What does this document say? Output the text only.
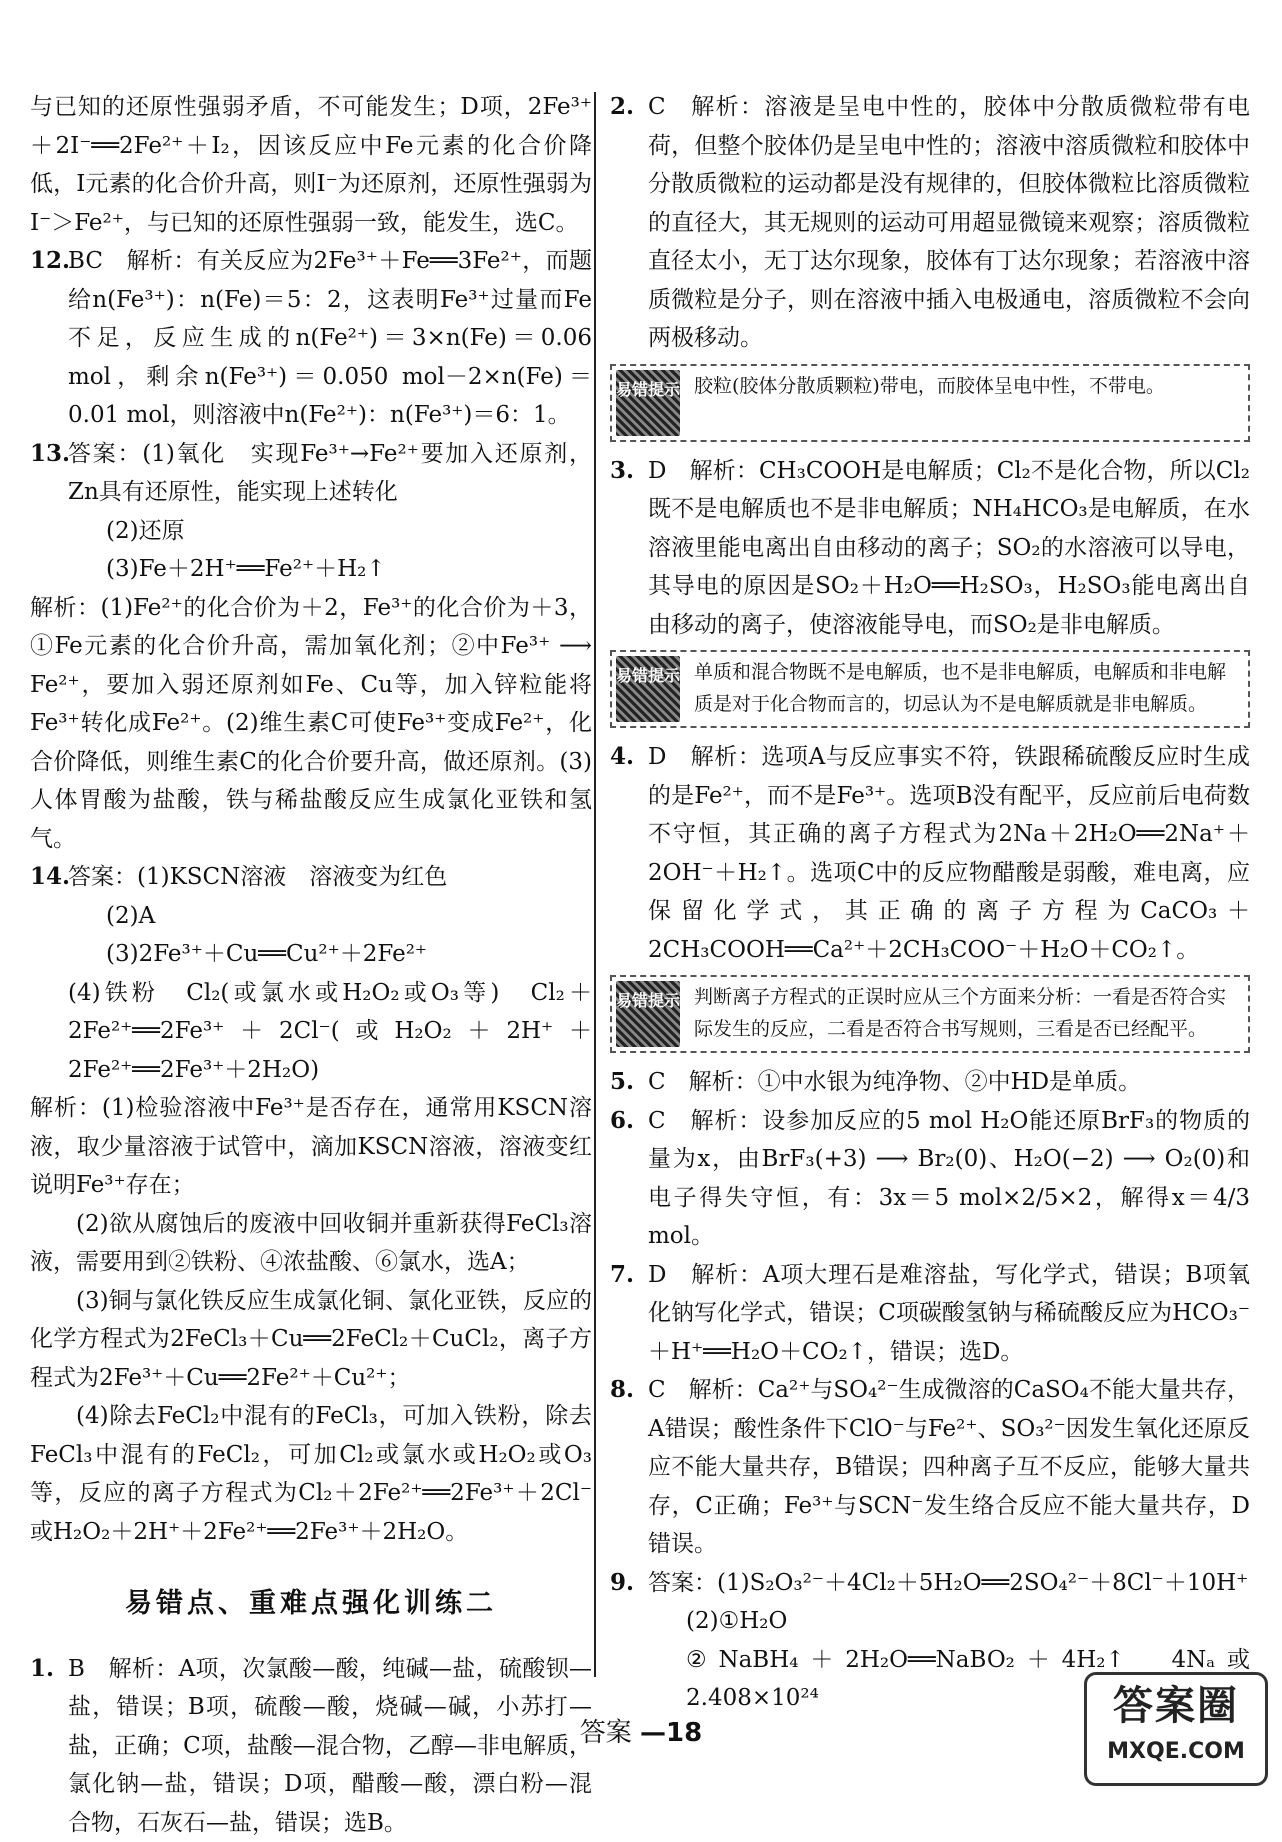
与已知的还原性强弱矛盾，不可能发生；D项，2Fe³⁺＋2I⁻══2Fe²⁺＋I₂，因该反应中Fe元素的化合价降低，I元素的化合价升高，则I⁻为还原剂，还原性强弱为I⁻＞Fe²⁺，与已知的还原性强弱一致，能发生，选C。

12.
BC　解析：有关反应为2Fe³⁺＋Fe══3Fe²⁺，而题给n(Fe³⁺)：n(Fe)＝5：2，这表明Fe³⁺过量而Fe不足，反应生成的n(Fe²⁺)＝3×n(Fe)＝0.06 mol，剩余n(Fe³⁺)＝0.050 mol－2×n(Fe)＝0.01 mol，则溶液中n(Fe²⁺)：n(Fe³⁺)＝6：1。

13.

答案：(1)氧化　实现Fe³⁺→Fe²⁺要加入还原剂，Zn具有还原性，能实现上述转化

(2)还原

(3)Fe＋2H⁺══Fe²⁺＋H₂↑

解析：(1)Fe²⁺的化合价为＋2，Fe³⁺的化合价为＋3，①Fe元素的化合价升高，需加氧化剂；②中Fe³⁺ ⟶ Fe²⁺，要加入弱还原剂如Fe、Cu等，加入锌粒能将Fe³⁺转化成Fe²⁺。(2)维生素C可使Fe³⁺变成Fe²⁺，化合价降低，则维生素C的化合价要升高，做还原剂。(3)人体胃酸为盐酸，铁与稀盐酸反应生成氯化亚铁和氢气。

14.

答案：(1)KSCN溶液　溶液变为红色

(2)A

(3)2Fe³⁺＋Cu══Cu²⁺＋2Fe²⁺

(4)铁粉　Cl₂(或氯水或H₂O₂或O₃等)　Cl₂＋2Fe²⁺══2Fe³⁺＋2Cl⁻(或H₂O₂＋2H⁺＋2Fe²⁺══2Fe³⁺＋2H₂O)

解析：(1)检验溶液中Fe³⁺是否存在，通常用KSCN溶液，取少量溶液于试管中，滴加KSCN溶液，溶液变红说明Fe³⁺存在；

(2)欲从腐蚀后的废液中回收铜并重新获得FeCl₃溶液，需要用到②铁粉、④浓盐酸、⑥氯水，选A；

(3)铜与氯化铁反应生成氯化铜、氯化亚铁，反应的化学方程式为2FeCl₃＋Cu══2FeCl₂＋CuCl₂，离子方程式为2Fe³⁺＋Cu══2Fe²⁺＋Cu²⁺；

(4)除去FeCl₂中混有的FeCl₃，可加入铁粉，除去FeCl₃中混有的FeCl₂，可加Cl₂或氯水或H₂O₂或O₃等，反应的离子方程式为Cl₂＋2Fe²⁺══2Fe³⁺＋2Cl⁻或H₂O₂＋2H⁺＋2Fe²⁺══2Fe³⁺＋2H₂O。

易错点、重难点强化训练二

1. B　解析：A项，次氯酸—酸，纯碱—盐，硫酸钡—盐，错误；B项，硫酸—酸，烧碱—碱，小苏打—盐，正确；C项，盐酸—混合物，乙醇—非电解质，氯化钠—盐，错误；D项，醋酸—酸，漂白粉—混合物，石灰石—盐，错误；选B。

2. C　解析：溶液是呈电中性的，胶体中分散质微粒带有电荷，但整个胶体仍是呈电中性的；溶液中溶质微粒和胶体中分散质微粒的运动都是没有规律的，但胶体微粒比溶质微粒的直径大，其无规则的运动可用超显微镜来观察；溶质微粒直径太小，无丁达尔现象，胶体有丁达尔现象；若溶液中溶质微粒是分子，则在溶液中插入电极通电，溶质微粒不会向两极移动。

易错提示 胶粒(胶体分散质颗粒)带电，而胶体呈电中性，不带电。

3. D　解析：CH₃COOH是电解质；Cl₂不是化合物，所以Cl₂既不是电解质也不是非电解质；NH₄HCO₃是电解质，在水溶液里能电离出自由移动的离子；SO₂的水溶液可以导电，其导电的原因是SO₂＋H₂O══H₂SO₃，H₂SO₃能电离出自由移动的离子，使溶液能导电，而SO₂是非电解质。

易错提示 单质和混合物既不是电解质，也不是非电解质，电解质和非电解质是对于化合物而言的，切忌认为不是电解质就是非电解质。

4. D　解析：选项A与反应事实不符，铁跟稀硫酸反应时生成的是Fe²⁺，而不是Fe³⁺。选项B没有配平，反应前后电荷数不守恒，其正确的离子方程式为2Na＋2H₂O══2Na⁺＋2OH⁻＋H₂↑。选项C中的反应物醋酸是弱酸，难电离，应保留化学式，其正确的离子方程为CaCO₃＋2CH₃COOH══Ca²⁺＋2CH₃COO⁻＋H₂O＋CO₂↑。

易错提示 判断离子方程式的正误时应从三个方面来分析：一看是否符合实际发生的反应，二看是否符合书写规则，三看是否已经配平。

5. C　解析：①中水银为纯净物、②中HD是单质。

6. C　解析：设参加反应的5 mol H₂O能还原BrF₃的物质的量为x，由BrF₃(+3) ⟶ Br₂(0)、H₂O(−2) ⟶ O₂(0)和电子得失守恒，有：3x＝5 mol×2/5×2，解得x＝4/3 mol。

7. D　解析：A项大理石是难溶盐，写化学式，错误；B项氧化钠写化学式，错误；C项碳酸氢钠与稀硫酸反应为HCO₃⁻＋H⁺══H₂O＋CO₂↑，错误；选D。

8. C　解析：Ca²⁺与SO₄²⁻生成微溶的CaSO₄不能大量共存，A错误；酸性条件下ClO⁻与Fe²⁺、SO₃²⁻因发生氧化还原反应不能大量共存，B错误；四种离子互不反应，能够大量共存，C正确；Fe³⁺与SCN⁻发生络合反应不能大量共存，D错误。

9. 答案：(1)S₂O₃²⁻＋4Cl₂＋5H₂O══2SO₄²⁻＋8Cl⁻＋10H⁺

(2)①H₂O

②NaBH₄＋2H₂O══NaBO₂＋4H₂↑　4Nₐ或2.408×10²⁴

答案 —18
答案圈
MXQE.COM
